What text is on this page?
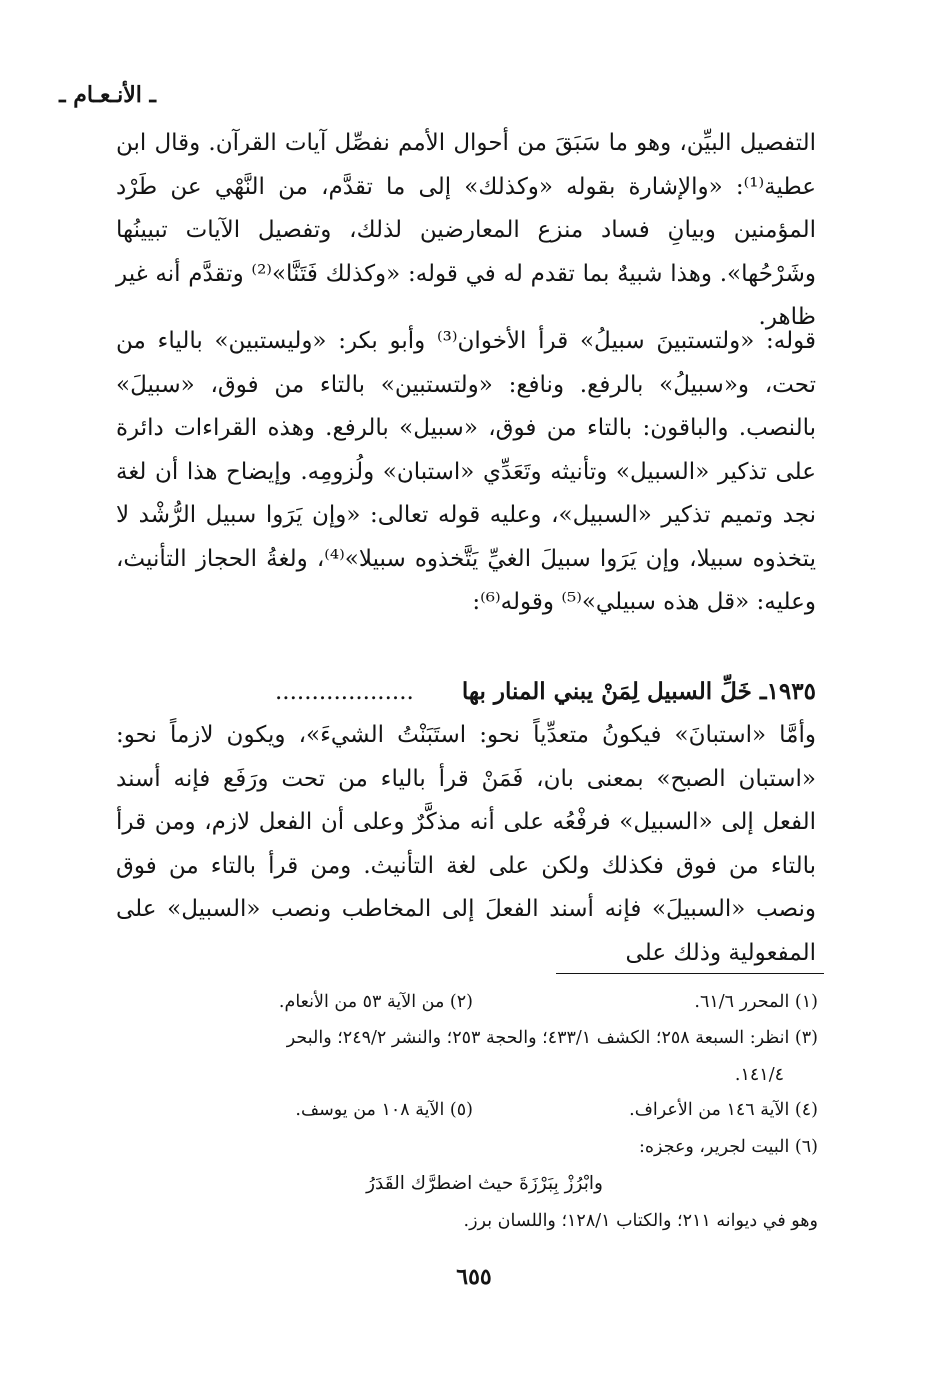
ـ الأنـعـام ـ

التفصيل البيِّن، وهو ما سَبَقَ من أحوال الأمم نفصِّل آيات القرآن. وقال ابن عطية⁽¹⁾: «والإشارة بقوله «وكذلك» إلى ما تقدَّم، من النَّهْي عن طَرْد المؤمنين وبيانِ فساد منزع المعارضين لذلك، وتفصيل الآيات تبيينُها وشَرْحُها». وهذا شبيهٌ بما تقدم له في قوله: «وكذلك فَتَنَّا»⁽²⁾ وتقدَّم أنه غير ظاهر.

قوله: «ولتستبينَ سبيلُ» قرأ الأخوان⁽³⁾ وأبو بكر: «وليستبين» بالياء من تحت، و«سبيلُ» بالرفع. ونافع: «ولتستبين» بالتاء من فوق، «سبيلَ» بالنصب. والباقون: بالتاء من فوق، «سبيل» بالرفع. وهذه القراءات دائرة على تذكير «السبيل» وتأنيثه وتَعَدِّي «استبان» ولُزومِه. وإيضاح هذا أن لغة نجد وتميم تذكير «السبيل»، وعليه قوله تعالى: «وإن يَرَوا سبيل الرُّشْد لا يتخذوه سبيلا، وإن يَرَوا سبيلَ الغيِّ يَتَّخذوه سبيلا»⁽⁴⁾، ولغةُ الحجاز التأنيث، وعليه: «قل هذه سبيلي»⁽⁵⁾ وقوله⁽⁶⁾:

١٩٣٥ـ خَلِّ السبيل لِمَنْ يبني المنار بها ...................

وأمَّا «استبانَ» فيكونُ متعدِّياً نحو: استَبَنْتُ الشيءَ»، ويكون لازماً نحو: «استبان الصبح» بمعنى بان، فَمَنْ قرأ بالياء من تحت ورَفَع فإنه أسند الفعل إلى «السبيل» فرفْعُه على أنه مذكَّرٌ وعلى أن الفعل لازم، ومن قرأ بالتاء من فوق فكذلك ولكن على لغة التأنيث. ومن قرأ بالتاء من فوق ونصب «السبيلَ» فإنه أسند الفعلَ إلى المخاطب ونصب «السبيل» على المفعولية وذلك على

(١) المحرر ٦١/٦.
(٢) من الآية ٥٣ من الأنعام.
(٣) انظر: السبعة ٢٥٨؛ الكشف ٤٣٣/١؛ والحجة ٢٥٣؛ والنشر ٢٤٩/٢؛ والبحر
١٤١/٤.
(٤) الآية ١٤٦ من الأعراف.
(٥) الآية ١٠٨ من يوسف.
(٦) البيت لجرير، وعجزه:
وابْرُزْ بِبَرْزَةَ حيث اضطرَّك القَدَرُ
وهو في ديوانه ٢١١؛ والكتاب ١٢٨/١؛ واللسان برز.
٦٥٥
